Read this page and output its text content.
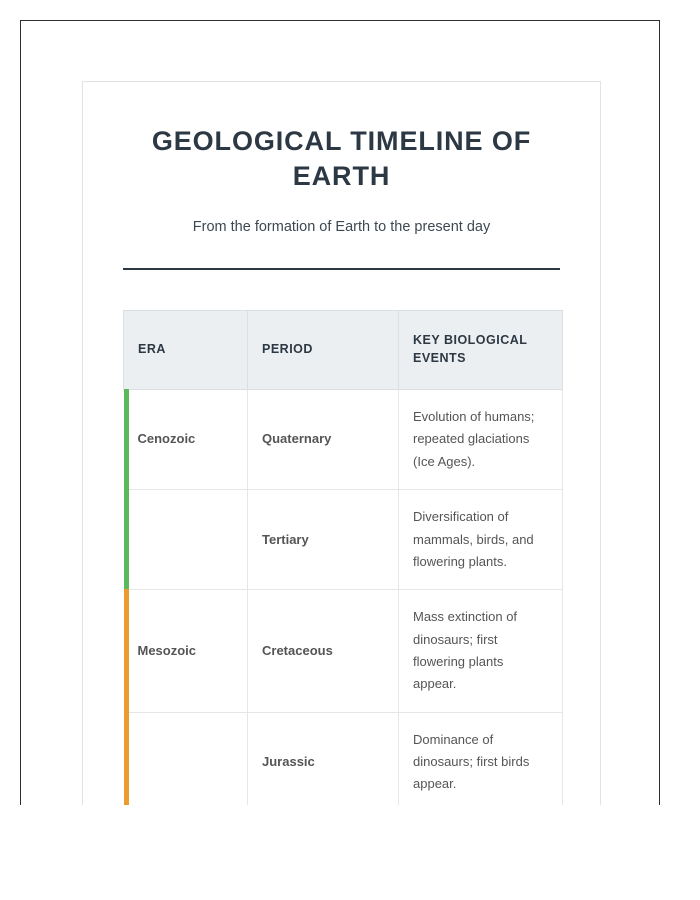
GEOLOGICAL TIMELINE OF EARTH

From the formation of Earth to the present day

ERA	PERIOD	KEY BIOLOGICAL EVENTS

Cenozoic	Quaternary	Evolution of humans; repeated glaciations (Ice Ages).

	Tertiary	Diversification of mammals, birds, and flowering plants.

Mesozoic	Cretaceous	Mass extinction of dinosaurs; first flowering plants appear.

	Jurassic	Dominance of dinosaurs; first birds appear.
